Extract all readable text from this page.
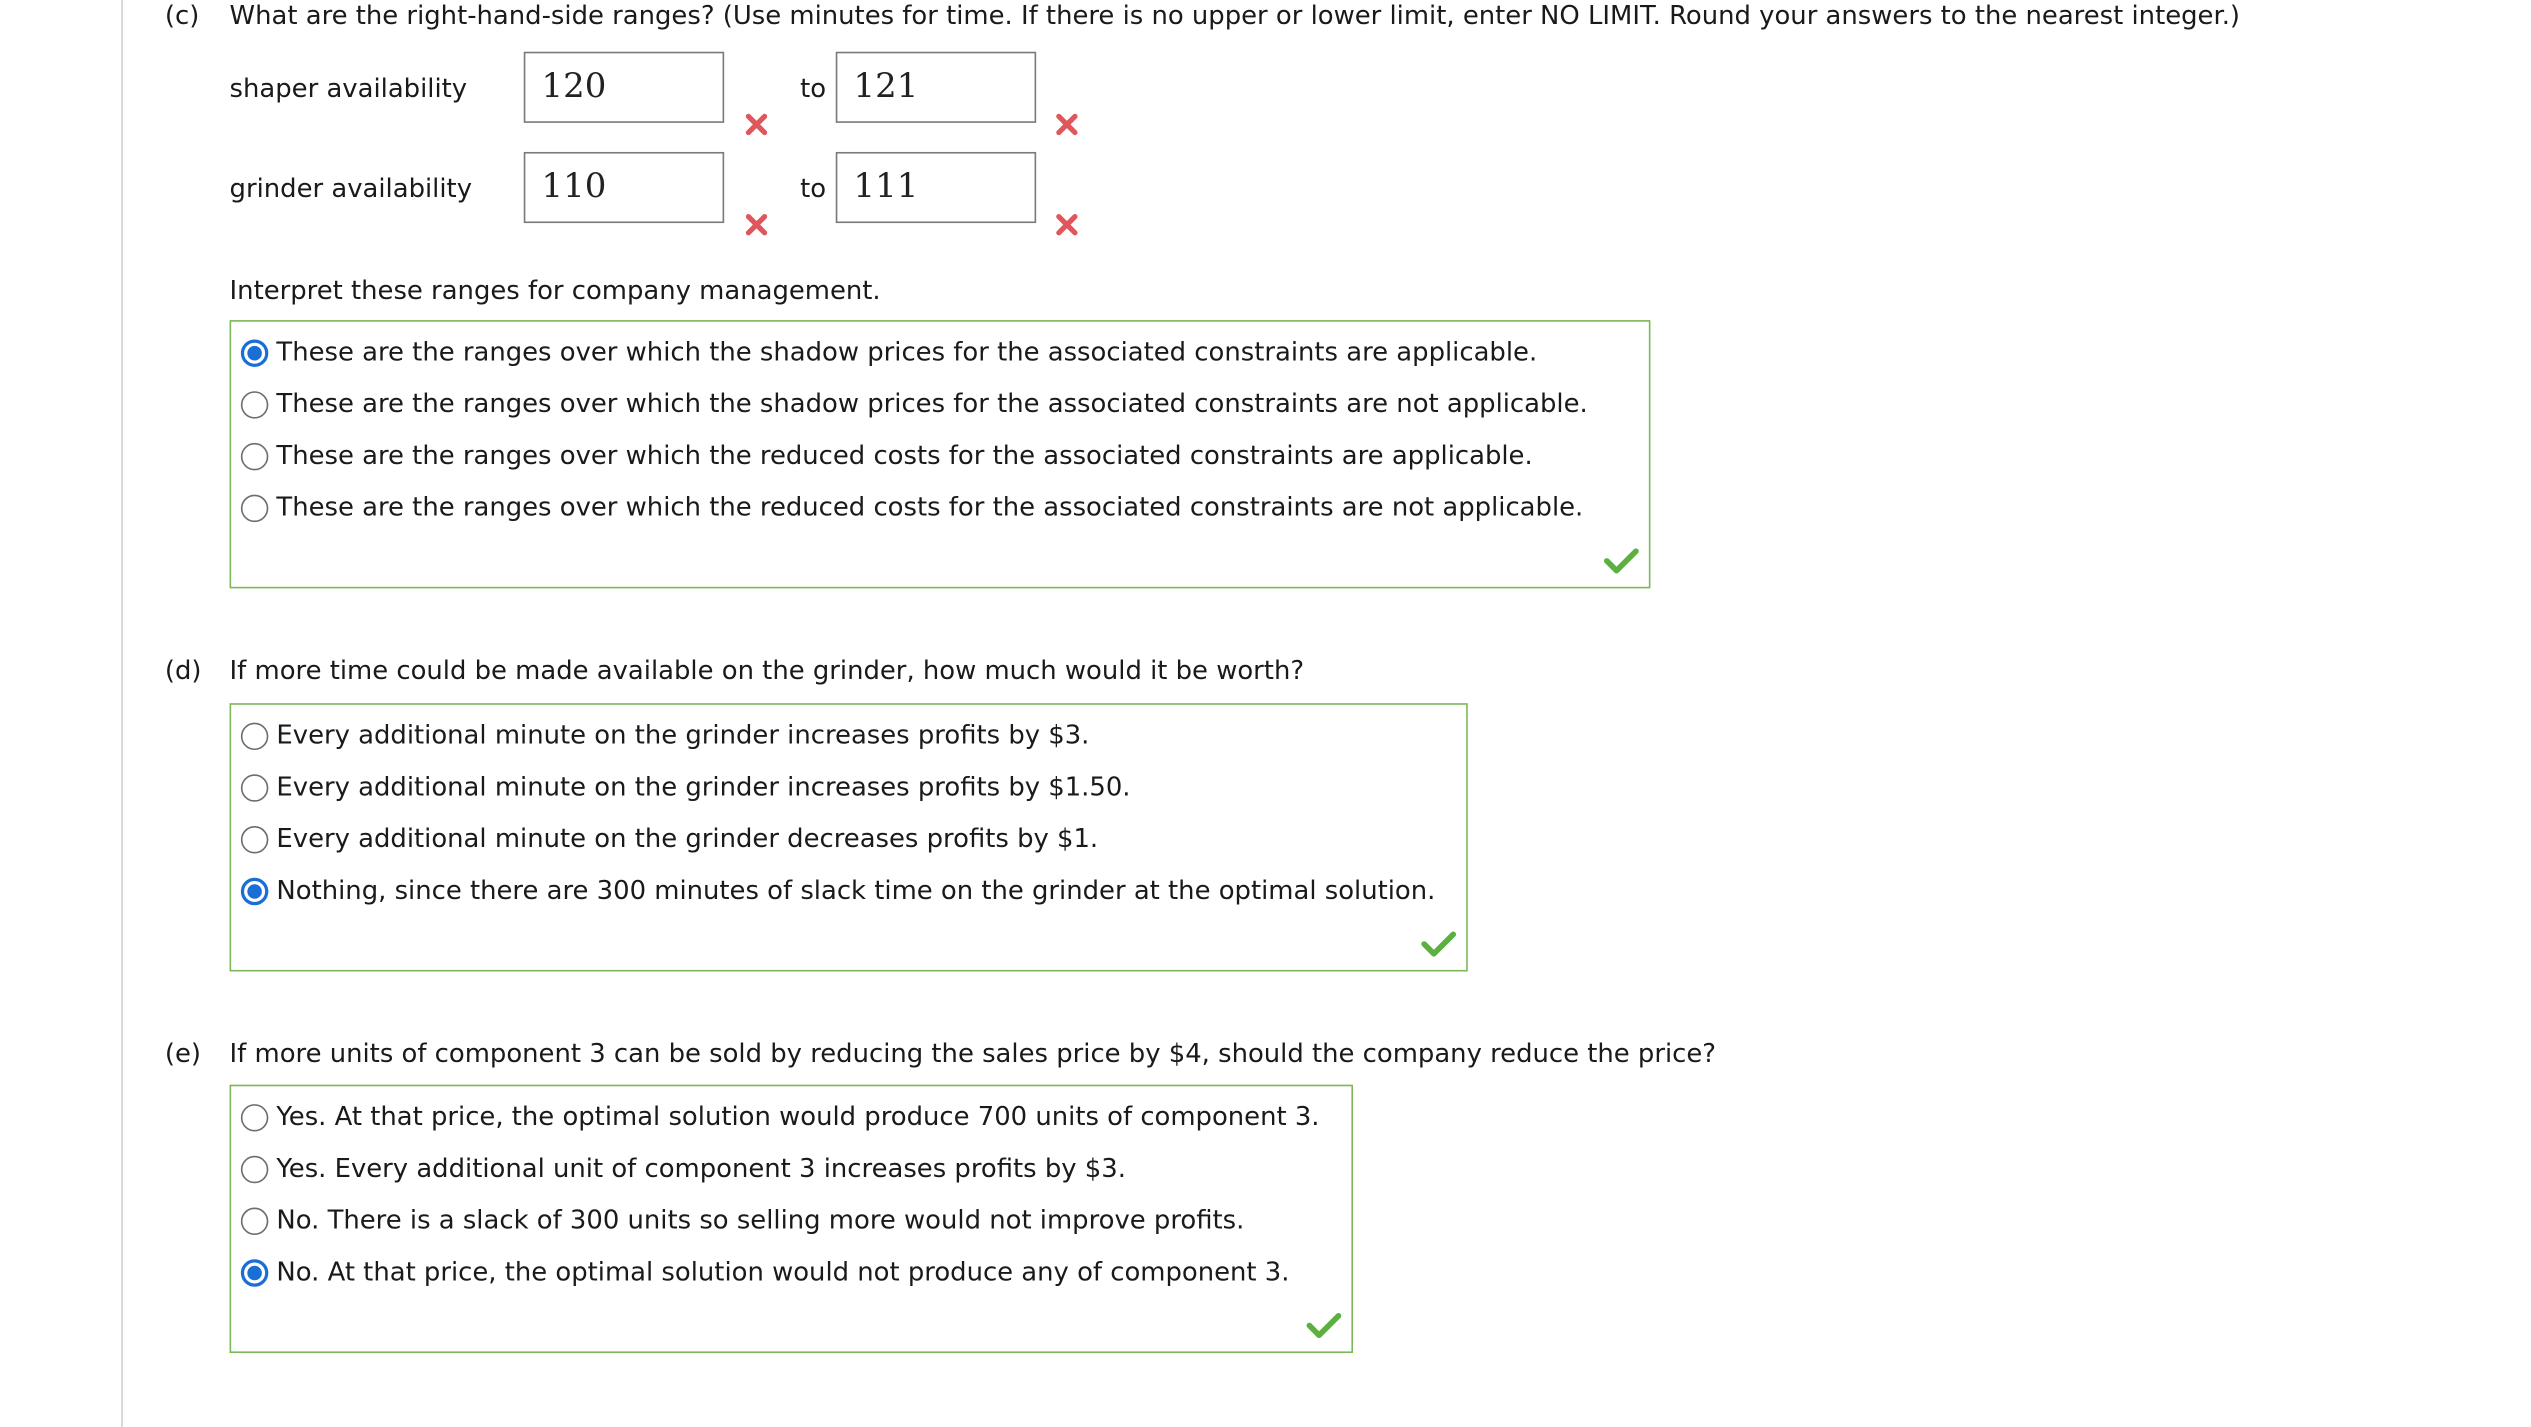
(c) What are the right-hand-side ranges? (Use minutes for time. If there is no upper or lower limit, enter NO LIMIT. Round your answers to the nearest integer.)
shaper availability	120	to	121
grinder availability	110	to	111
Interpret these ranges for company management.
These are the ranges over which the shadow prices for the associated constraints are applicable.
These are the ranges over which the shadow prices for the associated constraints are not applicable.
These are the ranges over which the reduced costs for the associated constraints are applicable.
These are the ranges over which the reduced costs for the associated constraints are not applicable.
(d) If more time could be made available on the grinder, how much would it be worth?
Every additional minute on the grinder increases profits by $3.
Every additional minute on the grinder increases profits by $1.50.
Every additional minute on the grinder decreases profits by $1.
Nothing, since there are 300 minutes of slack time on the grinder at the optimal solution.
(e) If more units of component 3 can be sold by reducing the sales price by $4, should the company reduce the price?
Yes. At that price, the optimal solution would produce 700 units of component 3.
Yes. Every additional unit of component 3 increases profits by $3.
No. There is a slack of 300 units so selling more would not improve profits.
No. At that price, the optimal solution would not produce any of component 3.
